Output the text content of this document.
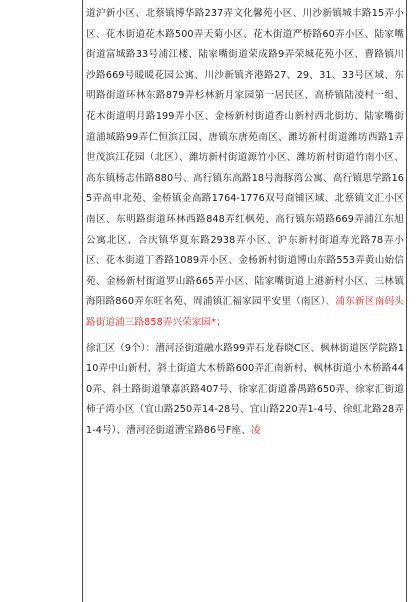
道沪新小区、北蔡镇博华路237弄文化馨苑小区、川沙新镇城丰路15弄小区、花木街道花木路500弄天菊小区、花木街道严桥路60弄小区、陆家嘴街道富城路33号浦江楼、陆家嘴街道荣成路9弄荣城花苑小区、曹路镇川沙路669号暖暖花园公寓、川沙新镇齐港路27、29、31、33号区域、东明路街道环林东路879弄杉林新月家园第一居民区、高桥镇陆凌村一组、花木街道明月路199弄小区、金杨新村街道香山新村西北街坊、陆家嘴街道浦城路99弄仁恒滨江园、唐镇东唐苑南区、潍坊新村街道潍坊西路1弄世茂滨江花园（北区）、潍坊新村街道源竹小区、潍坊新村街道竹南小区、高东镇杨志伟路880号、高行镇东高路18号海豚湾公寓、高行镇思学路165弄高申北苑、金桥镇金高路1764-1776双号商铺区域、北蔡镇文汇小区南区、东明路街道环林西路848弄红枫苑、高行镇东靖路669弄浦江东旭公寓北区、合庆镇华夏东路2938弄小区、沪东新村街道寿光路78弄小区、花木街道丁香路1089弄小区、金杨新村街道博山东路553弄黄山始信苑、金杨新村街道罗山路665弄小区、陆家嘴街道上港新村小区、三林镇海阳路860弄东旺名苑、周浦镇汇福家园平安里（南区）、浦东新区南码头路街道浦三路858弄兴荣家园*；

徐汇区（9个）：漕河泾街道融水路99弄石龙春晓C区、枫林街道医学院路110弄中山新村、斜土街道大木桥路600弄汇南新村、枫林街道小木桥路440弄、斜土路街道肇嘉浜路407号、徐家汇街道番禺路650弄、徐家汇街道柿子湾小区（宜山路250弄14-28号、宜山路220弄1-4号、徐虹北路28弄1-4号）、漕河泾街道漕宝路86号F座、凌
